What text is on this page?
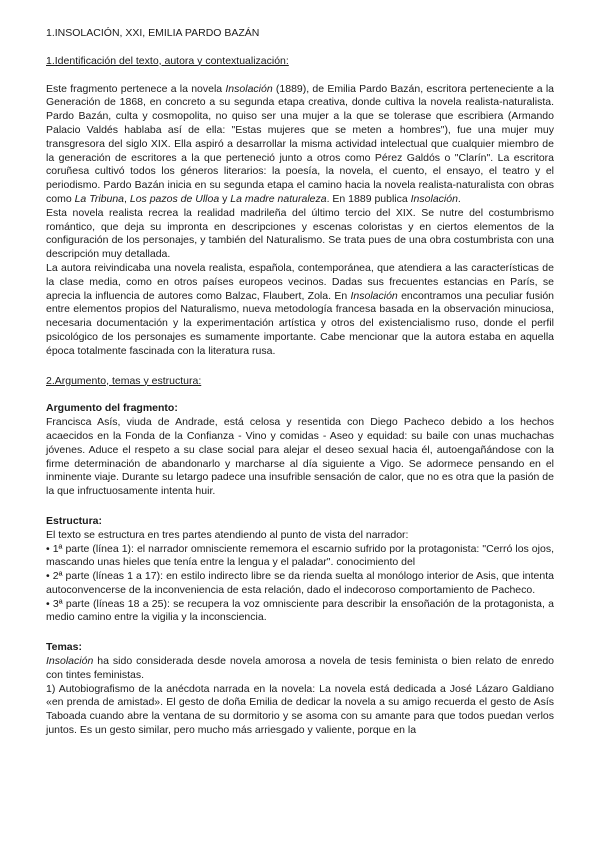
1.INSOLACIÓN, XXI, EMILIA PARDO BAZÁN
1.Identificación del texto, autora y contextualización:

Este fragmento pertenece a la novela Insolación (1889), de Emilia Pardo Bazán, escritora perteneciente a la Generación de 1868, en concreto a su segunda etapa creativa, donde cultiva la novela realista-naturalista. Pardo Bazán, culta y cosmopolita, no quiso ser una mujer a la que se tolerase que escribiera (Armando Palacio Valdés hablaba así de ella: "Estas mujeres que se meten a hombres"), fue una mujer muy transgresora del siglo XIX. Ella aspiró a desarrollar la misma actividad intelectual que cualquier miembro de la generación de escritores a la que perteneció junto a otros como Pérez Galdós o "Clarín". La escritora coruñesa cultivó todos los géneros literarios: la poesía, la novela, el cuento, el ensayo, el teatro y el periodismo. Pardo Bazán inicia en su segunda etapa el camino hacia la novela realista-naturalista con obras como La Tribuna, Los pazos de Ulloa y La madre naturaleza. En 1889 publica Insolación.

Esta novela realista recrea la realidad madrileña del último tercio del XIX. Se nutre del costumbrismo romántico, que deja su impronta en descripciones y escenas coloristas y en ciertos elementos de la configuración de los personajes, y también del Naturalismo. Se trata pues de una obra costumbrista con una descripción muy detallada.

La autora reivindicaba una novela realista, española, contemporánea, que atendiera a las características de la clase media, como en otros países europeos vecinos. Dadas sus frecuentes estancias en París, se aprecia la influencia de autores como Balzac, Flaubert, Zola. En Insolación encontramos una peculiar fusión entre elementos propios del Naturalismo, nueva metodología francesa basada en la observación minuciosa, necesaria documentación y la experimentación artística y otros del existencialismo ruso, donde el perfil psicológico de los personajes es sumamente importante. Cabe mencionar que la autora estaba en aquella época totalmente fascinada con la literatura rusa.

2.Argumento, temas y estructura:
Argumento del fragmento:

Francisca Asís, viuda de Andrade, está celosa y resentida con Diego Pacheco debido a los hechos acaecidos en la Fonda de la Confianza - Vino y comidas - Aseo y equidad: su baile con unas muchachas jóvenes. Aduce el respeto a su clase social para alejar el deseo sexual hacia él, autoengañándose con la firme determinación de abandonarlo y marcharse al día siguiente a Vigo. Se adormece pensando en el inminente viaje. Durante su letargo padece una insufrible sensación de calor, que no es otra que la pasión de la que infructuosamente intenta huir.

Estructura:

El texto se estructura en tres partes atendiendo al punto de vista del narrador:

• 1ª parte (línea 1): el narrador omnisciente rememora el escarnio sufrido por la protagonista: "Cerró los ojos, mascando unas hieles que tenía entre la lengua y el paladar". conocimiento del

• 2ª parte (líneas 1 a 17): en estilo indirecto libre se da rienda suelta al monólogo interior de Asis, que intenta autoconvencerse de la inconveniencia de esta relación, dado el indecoroso comportamiento de Pacheco.

• 3ª parte (líneas 18 a 25): se recupera la voz omnisciente para describir la ensoñación de la protagonista, a medio camino entre la vigilia y la inconsciencia.

Temas:

Insolación ha sido considerada desde novela amorosa a novela de tesis feminista o bien relato de enredo con tintes feministas.

1) Autobiografismo de la anécdota narrada en la novela: La novela está dedicada a José Lázaro Galdiano «en prenda de amistad». El gesto de doña Emilia de dedicar la novela a su amigo recuerda el gesto de Asís Taboada cuando abre la ventana de su dormitorio y se asoma con su amante para que todos puedan verlos juntos. Es un gesto similar, pero mucho más arriesgado y valiente, porque en la
